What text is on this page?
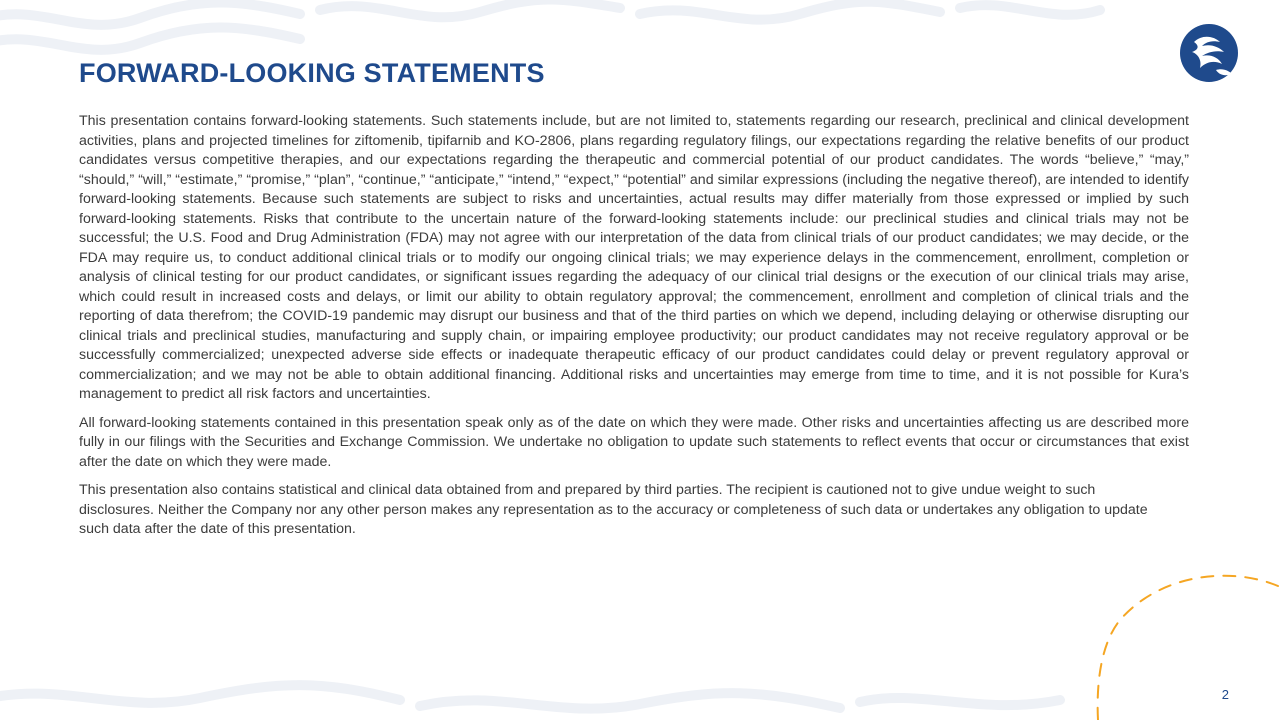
FORWARD-LOOKING STATEMENTS

This presentation contains forward-looking statements. Such statements include, but are not limited to, statements regarding our research, preclinical and clinical development activities, plans and projected timelines for ziftomenib, tipifarnib and KO-2806, plans regarding regulatory filings, our expectations regarding the relative benefits of our product candidates versus competitive therapies, and our expectations regarding the therapeutic and commercial potential of our product candidates. The words “believe,” “may,” “should,” “will,” “estimate,” “promise,” “plan”, “continue,” “anticipate,” “intend,” “expect,” “potential” and similar expressions (including the negative thereof), are intended to identify forward-looking statements. Because such statements are subject to risks and uncertainties, actual results may differ materially from those expressed or implied by such forward-looking statements. Risks that contribute to the uncertain nature of the forward-looking statements include: our preclinical studies and clinical trials may not be successful; the U.S. Food and Drug Administration (FDA) may not agree with our interpretation of the data from clinical trials of our product candidates; we may decide, or the FDA may require us, to conduct additional clinical trials or to modify our ongoing clinical trials; we may experience delays in the commencement, enrollment, completion or analysis of clinical testing for our product candidates, or significant issues regarding the adequacy of our clinical trial designs or the execution of our clinical trials may arise, which could result in increased costs and delays, or limit our ability to obtain regulatory approval; the commencement, enrollment and completion of clinical trials and the reporting of data therefrom; the COVID-19 pandemic may disrupt our business and that of the third parties on which we depend, including delaying or otherwise disrupting our clinical trials and preclinical studies, manufacturing and supply chain, or impairing employee productivity; our product candidates may not receive regulatory approval or be successfully commercialized; unexpected adverse side effects or inadequate therapeutic efficacy of our product candidates could delay or prevent regulatory approval or commercialization; and we may not be able to obtain additional financing. Additional risks and uncertainties may emerge from time to time, and it is not possible for Kura’s management to predict all risk factors and uncertainties.

All forward-looking statements contained in this presentation speak only as of the date on which they were made. Other risks and uncertainties affecting us are described more fully in our filings with the Securities and Exchange Commission. We undertake no obligation to update such statements to reflect events that occur or circumstances that exist after the date on which they were made.

This presentation also contains statistical and clinical data obtained from and prepared by third parties. The recipient is cautioned not to give undue weight to such disclosures. Neither the Company nor any other person makes any representation as to the accuracy or completeness of such data or undertakes any obligation to update such data after the date of this presentation.

2
